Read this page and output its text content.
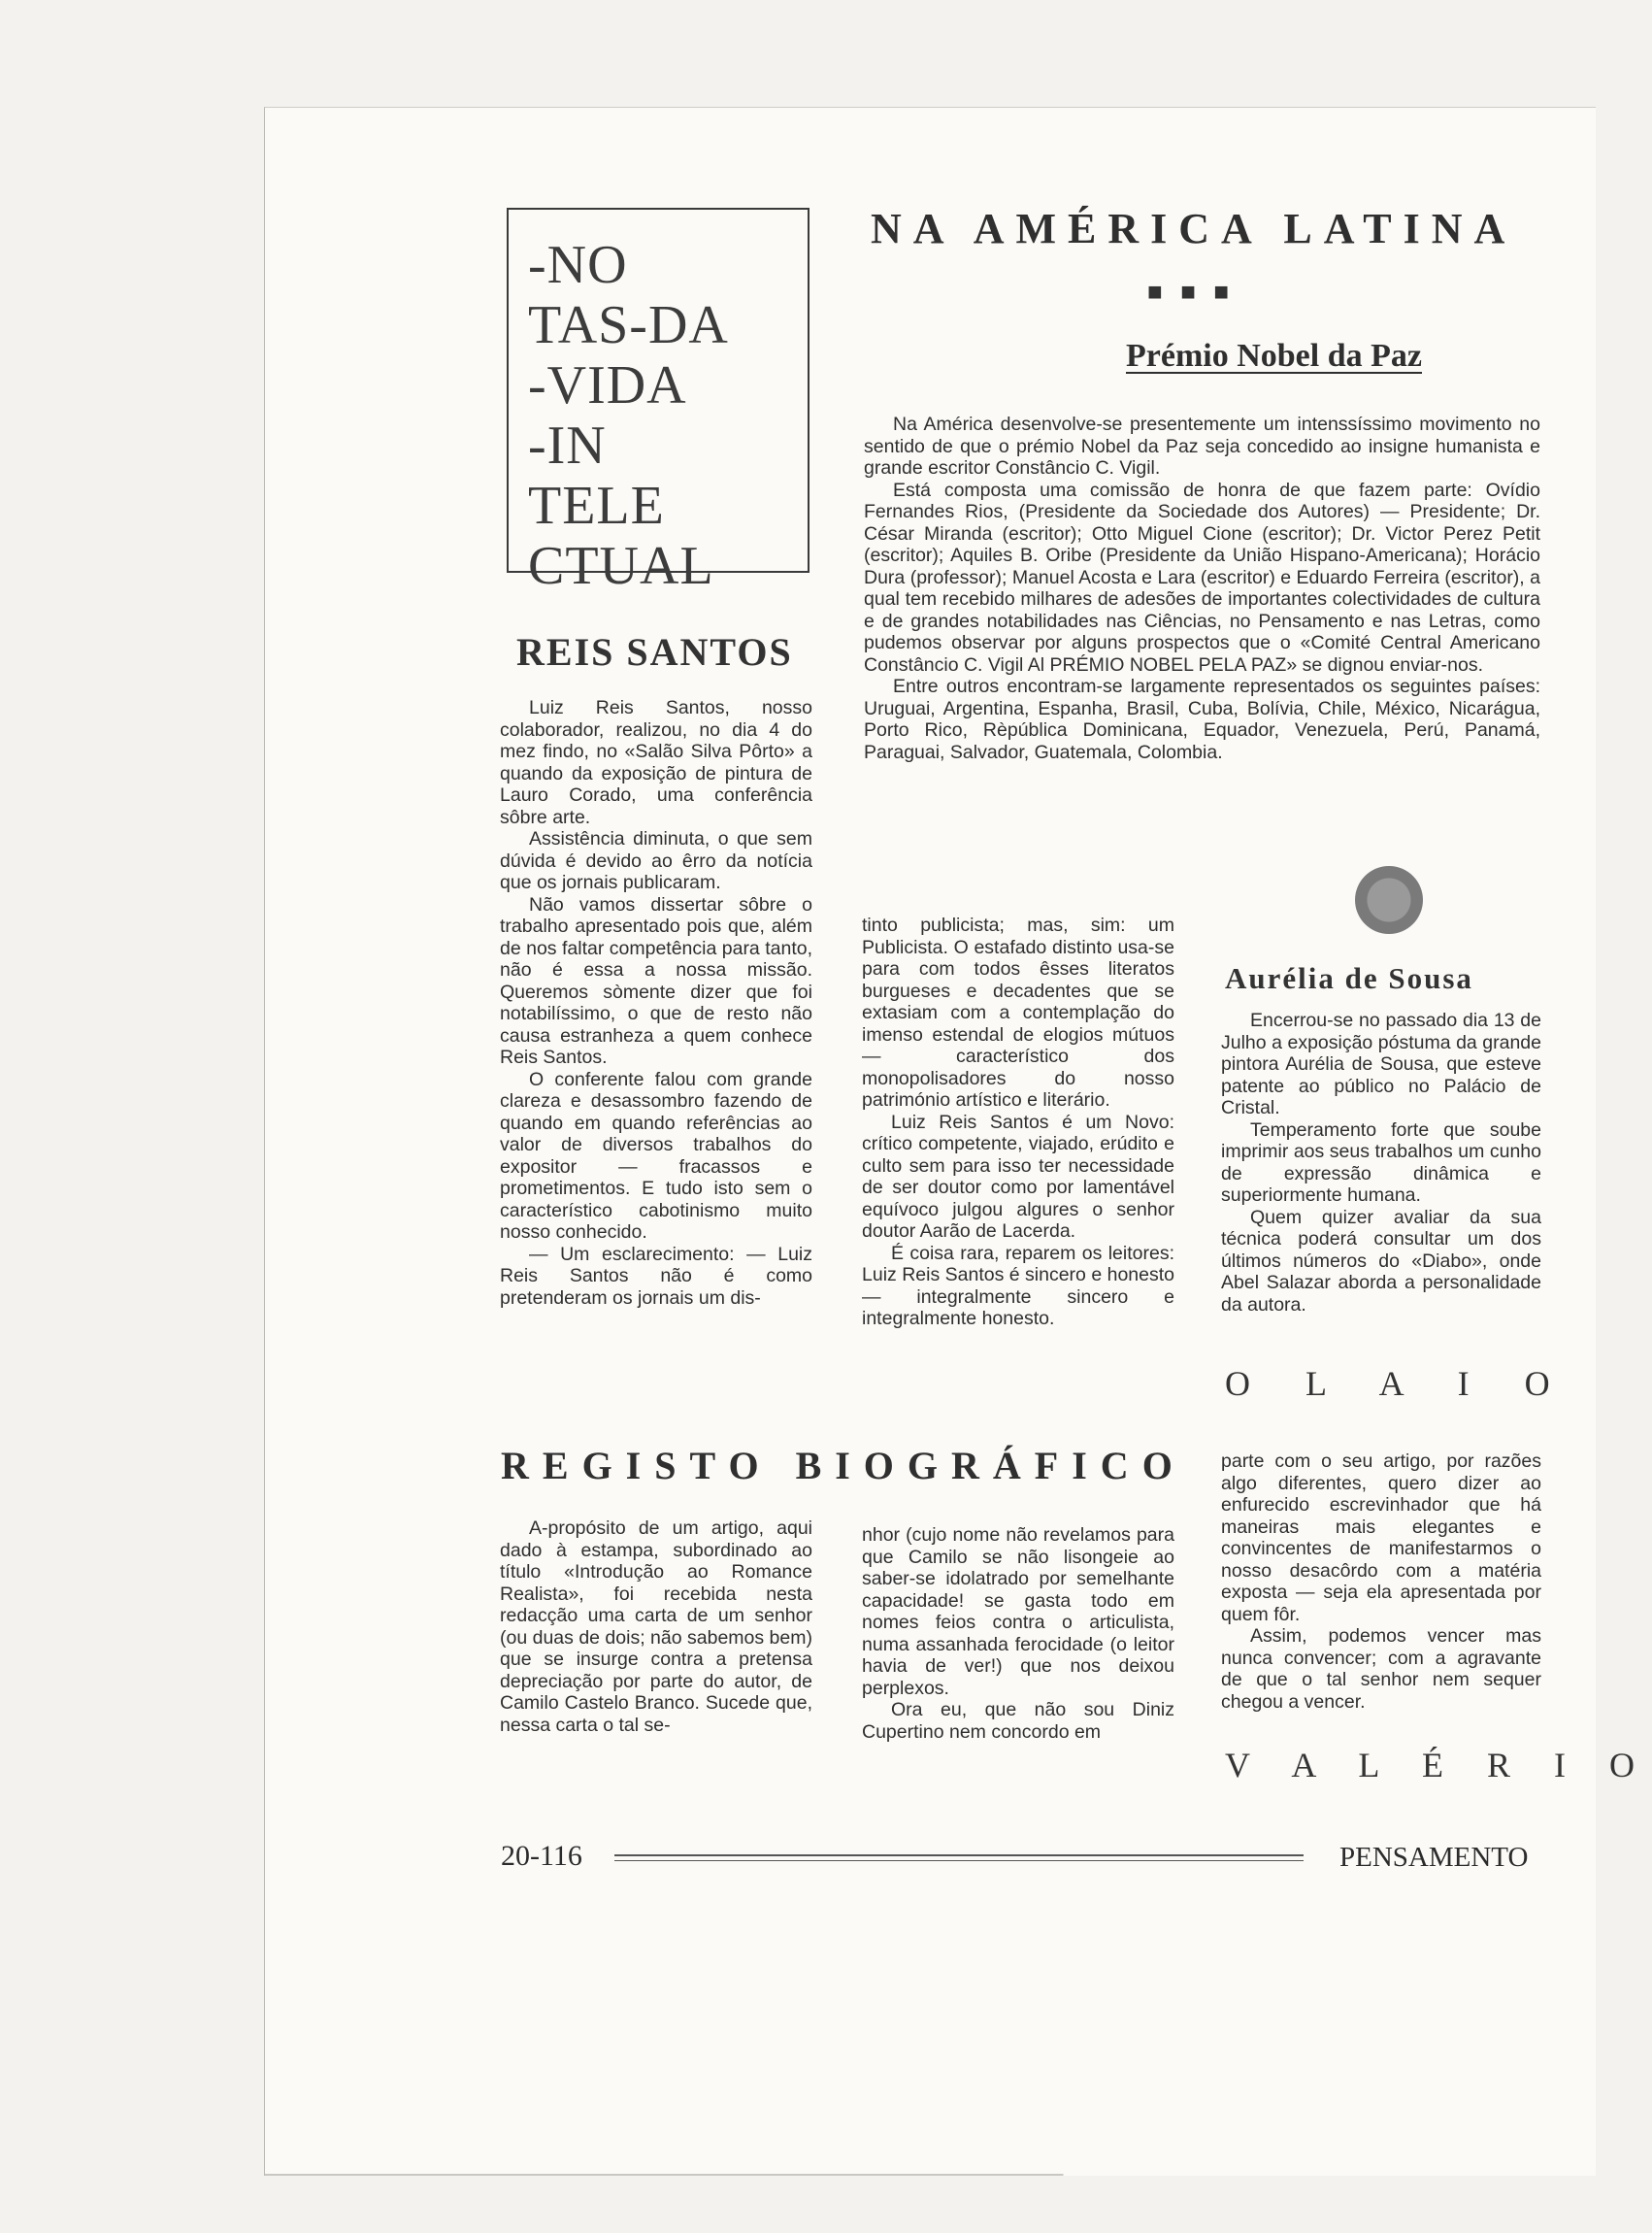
-NO
TAS-DA
-VIDA
-IN
TELE
CTUAL
REIS SANTOS

Luiz Reis Santos, nosso colaborador, realizou, no dia 4 do mez findo, no «Salão Silva Pôrto» a quando da exposição de pintura de Lauro Corado, uma conferência sôbre arte.

Assistência diminuta, o que sem dúvida é devido ao êrro da notícia que os jornais publicaram.

Não vamos dissertar sôbre o trabalho apresentado pois que, além de nos faltar competência para tanto, não é essa a nossa missão. Queremos sòmente dizer que foi notabilíssimo, o que de resto não causa estranheza a quem conhece Reis Santos.

O conferente falou com grande clareza e desassombro fazendo de quando em quando referências ao valor de diversos trabalhos do expositor — fracassos e prometimentos. E tudo isto sem o característico cabotinismo muito nosso conhecido.

— Um esclarecimento: — Luiz Reis Santos não é como pretenderam os jornais um dis-

tinto publicista; mas, sim: um Publicista. O estafado distinto usa-se para com todos êsses literatos burgueses e decadentes que se extasiam com a contemplação do imenso estendal de elogios mútuos — característico dos monopolisadores do nosso património artístico e literário.

Luiz Reis Santos é um Novo: crítico competente, viajado, erúdito e culto sem para isso ter necessidade de ser doutor como por lamentável equívoco julgou algures o senhor doutor Aarão de Lacerda.

É coisa rara, reparem os leitores: Luiz Reis Santos é sincero e honesto — integralmente sincero e integralmente honesto.

NA AMÉRICA LATINA
■ ■ ■
Prémio Nobel da Paz

Na América desenvolve-se presentemente um intenssíssimo movimento no sentido de que o prémio Nobel da Paz seja concedido ao insigne humanista e grande escritor Constâncio C. Vigil.

Está composta uma comissão de honra de que fazem parte: Ovídio Fernandes Rios, (Presidente da Sociedade dos Autores) — Presidente; Dr. César Miranda (escritor); Otto Miguel Cione (escritor); Dr. Victor Perez Petit (escritor); Aquiles B. Oribe (Presidente da União Hispano-Americana); Horácio Dura (professor); Manuel Acosta e Lara (escritor) e Eduardo Ferreira (escritor), a qual tem recebido milhares de adesões de importantes colectividades de cultura e de grandes notabilidades nas Ciências, no Pensamento e nas Letras, como pudemos observar por alguns prospectos que o «Comité Central Americano Constâncio C. Vigil Al PRÉMIO NOBEL PELA PAZ» se dignou enviar-nos.

Entre outros encontram-se largamente representados os seguintes países: Uruguai, Argentina, Espanha, Brasil, Cuba, Bolívia, Chile, México, Nicarágua, Porto Rico, Rèpública Dominicana, Equador, Venezuela, Perú, Panamá, Paraguai, Salvador, Guatemala, Colombia.

Aurélia de Sousa

Encerrou-se no passado dia 13 de Julho a exposição póstuma da grande pintora Aurélia de Sousa, que esteve patente ao público no Palácio de Cristal.

Temperamento forte que soube imprimir aos seus trabalhos um cunho de expressão dinâmica e superiormente humana.

Quem quizer avaliar da sua técnica poderá consultar um dos últimos números do «Diabo», onde Abel Salazar aborda a personalidade da autora.

O L A I O
REGISTO BIOGRÁFICO

A-propósito de um artigo, aqui dado à estampa, subordinado ao título «Introdução ao Romance Realista», foi recebida nesta redacção uma carta de um senhor (ou duas de dois; não sabemos bem) que se insurge contra a pretensa depreciação por parte do autor, de Camilo Castelo Branco. Sucede que, nessa carta o tal se-

nhor (cujo nome não revelamos para que Camilo se não lisongeie ao saber-se idolatrado por semelhante capacidade! se gasta todo em nomes feios contra o articulista, numa assanhada ferocidade (o leitor havia de ver!) que nos deixou perplexos.

Ora eu, que não sou Diniz Cupertino nem concordo em

parte com o seu artigo, por razões algo diferentes, quero dizer ao enfurecido escrevinhador que há maneiras mais elegantes e convincentes de manifestarmos o nosso desacôrdo com a matéria exposta — seja ela apresentada por quem fôr.

Assim, podemos vencer mas nunca convencer; com a agravante de que o tal senhor nem sequer chegou a vencer.

V A L É R I O
20-116	PENSAMENTO
